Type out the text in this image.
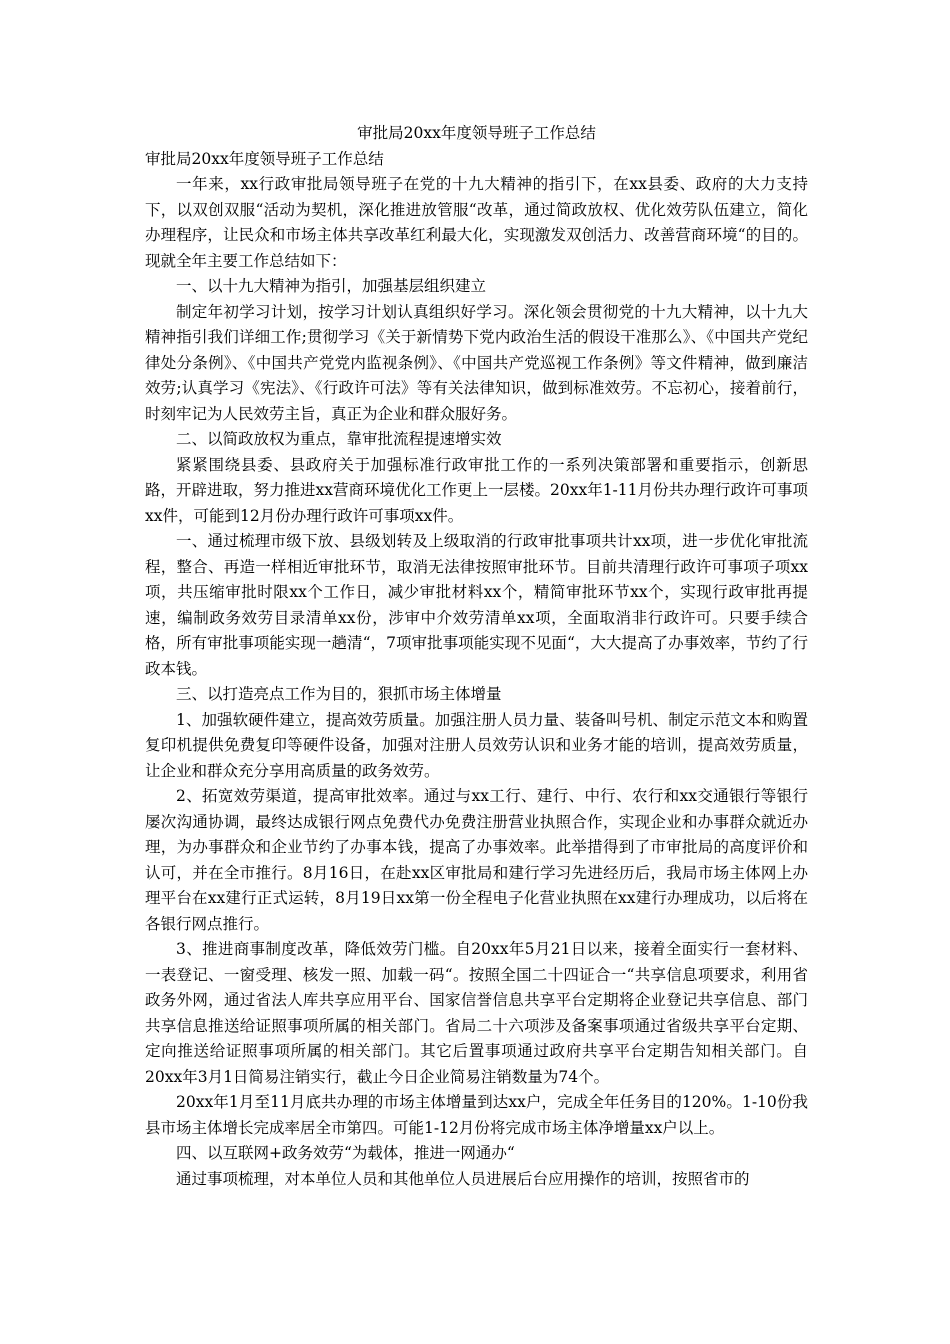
审批局20xx年度领导班子工作总结
审批局20xx年度领导班子工作总结

一年来，xx行政审批局领导班子在党的十九大精神的指引下，在xx县委、政府的大力支持下，以双创双服“活动为契机，深化推进放管服“改革，通过简政放权、优化效劳队伍建立，简化办理程序，让民众和市场主体共享改革红利最大化，实现激发双创活力、改善营商环境“的目的。现就全年主要工作总结如下：

一、以十九大精神为指引，加强基层组织建立

制定年初学习计划，按学习计划认真组织好学习。深化领会贯彻党的十九大精神，以十九大精神指引我们详细工作;贯彻学习《关于新情势下党内政治生活的假设干准那么》、《中国共产党纪律处分条例》、《中国共产党党内监视条例》、《中国共产党巡视工作条例》等文件精神，做到廉洁效劳;认真学习《宪法》、《行政许可法》等有关法律知识，做到标准效劳。不忘初心，接着前行，时刻牢记为人民效劳主旨，真正为企业和群众服好务。

二、以简政放权为重点，靠审批流程提速增实效

紧紧围绕县委、县政府关于加强标准行政审批工作的一系列决策部署和重要指示，创新思路，开辟进取，努力推进xx营商环境优化工作更上一层楼。20xx年1-11月份共办理行政许可事项xx件，可能到12月份办理行政许可事项xx件。

一、通过梳理市级下放、县级划转及上级取消的行政审批事项共计xx项，进一步优化审批流程，整合、再造一样相近审批环节，取消无法律按照审批环节。目前共清理行政许可事项子项xx项，共压缩审批时限xx个工作日，减少审批材料xx个，精简审批环节xx个，实现行政审批再提速，编制政务效劳目录清单xx份，涉审中介效劳清单xx项，全面取消非行政许可。只要手续合格，所有审批事项能实现一趟清“，7项审批事项能实现不见面“，大大提高了办事效率，节约了行政本钱。

三、以打造亮点工作为目的，狠抓市场主体增量

1、加强软硬件建立，提高效劳质量。加强注册人员力量、装备叫号机、制定示范文本和购置复印机提供免费复印等硬件设备，加强对注册人员效劳认识和业务才能的培训，提高效劳质量，让企业和群众充分享用高质量的政务效劳。

2、拓宽效劳渠道，提高审批效率。通过与xx工行、建行、中行、农行和xx交通银行等银行屡次沟通协调，最终达成银行网点免费代办免费注册营业执照合作，实现企业和办事群众就近办理，为办事群众和企业节约了办事本钱，提高了办事效率。此举措得到了市审批局的高度评价和认可，并在全市推行。8月16日，在赴xx区审批局和建行学习先进经历后，我局市场主体网上办理平台在xx建行正式运转，8月19日xx第一份全程电子化营业执照在xx建行办理成功，以后将在各银行网点推行。

3、推进商事制度改革，降低效劳门槛。自20xx年5月21日以来，接着全面实行一套材料、一表登记、一窗受理、核发一照、加载一码“。按照全国二十四证合一“共享信息项要求，利用省政务外网，通过省法人库共享应用平台、国家信誉信息共享平台定期将企业登记共享信息、部门共享信息推送给证照事项所属的相关部门。省局二十六项涉及备案事项通过省级共享平台定期、定向推送给证照事项所属的相关部门。其它后置事项通过政府共享平台定期告知相关部门。自20xx年3月1日简易注销实行，截止今日企业简易注销数量为74个。

20xx年1月至11月底共办理的市场主体增量到达xx户，完成全年任务目的120%。1-10份我县市场主体增长完成率居全市第四。可能1-12月份将完成市场主体净增量xx户以上。

四、以互联网+政务效劳“为载体，推进一网通办“

通过事项梳理，对本单位人员和其他单位人员进展后台应用操作的培训，按照省市的
